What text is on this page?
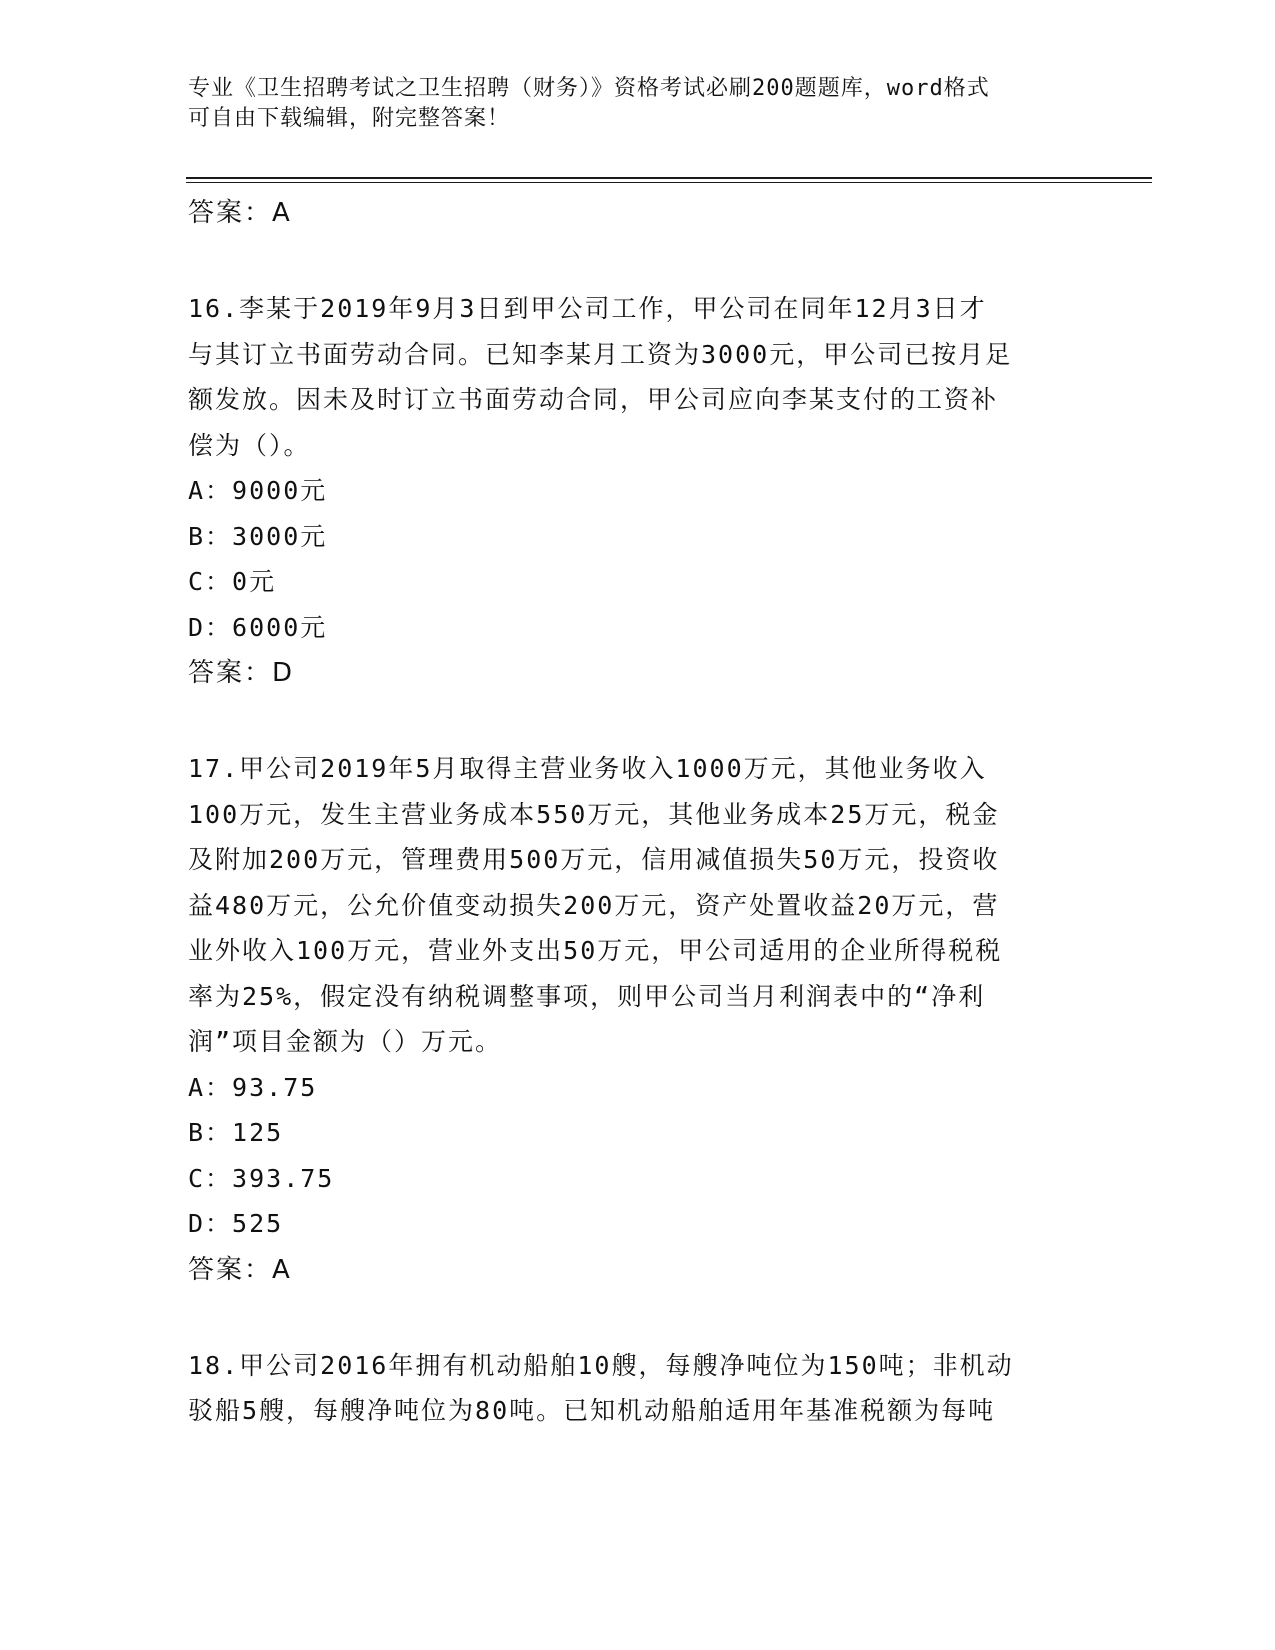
专业《卫生招聘考试之卫生招聘（财务）》资格考试必刷200题题库，word格式
可自由下载编辑，附完整答案！
答案：A
16.李某于2019年9月3日到甲公司工作，甲公司在同年12月3日才
与其订立书面劳动合同。已知李某月工资为3000元，甲公司已按月足
额发放。因未及时订立书面劳动合同，甲公司应向李某支付的工资补
偿为（）。
A：9000元
B：3000元
C：0元
D：6000元
答案：D
17.甲公司2019年5月取得主营业务收入1000万元，其他业务收入
100万元，发生主营业务成本550万元，其他业务成本25万元，税金
及附加200万元，管理费用500万元，信用减值损失50万元，投资收
益480万元，公允价值变动损失200万元，资产处置收益20万元，营
业外收入100万元，营业外支出50万元，甲公司适用的企业所得税税
率为25%，假定没有纳税调整事项，则甲公司当月利润表中的“净利
润”项目金额为（）万元。
A：93.75
B：125
C：393.75
D：525
答案：A
18.甲公司2016年拥有机动船舶10艘，每艘净吨位为150吨；非机动
驳船5艘，每艘净吨位为80吨。已知机动船舶适用年基准税额为每吨
